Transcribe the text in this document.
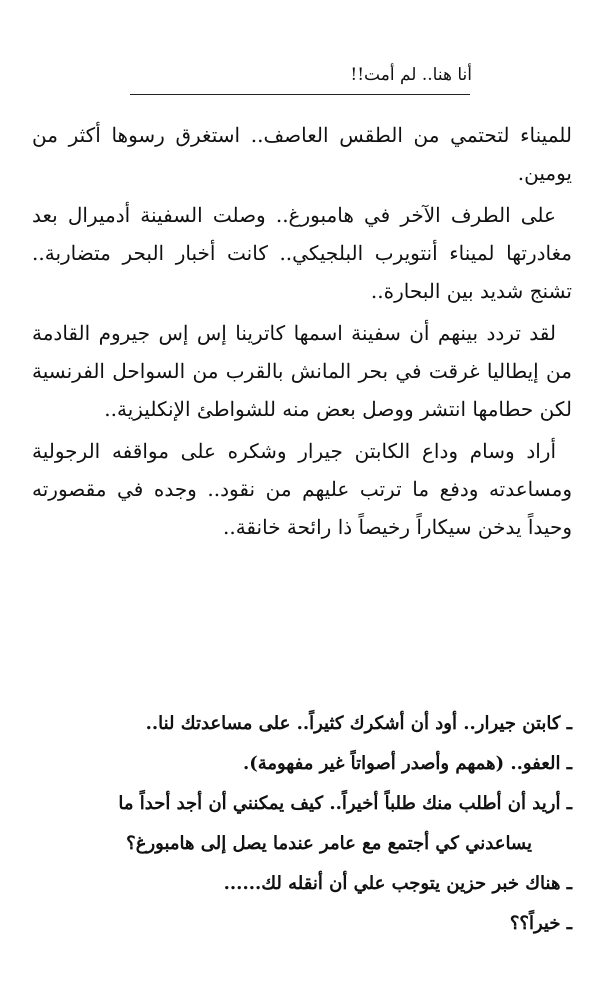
أنا هنا.. لم أمت!!

للميناء لتحتمي من الطقس العاصف.. استغرق رسوها أكثر من يومين.

على الطرف الآخر في هامبورغ.. وصلت السفينة أدميرال بعد مغادرتها لميناء أنتويرب البلجيكي.. كانت أخبار البحر متضاربة.. تشنج شديد بين البحارة..

لقد تردد بينهم أن سفينة اسمها كاترينا إس إس جيروم القادمة من إيطاليا غرقت في بحر المانش بالقرب من السواحل الفرنسية لكن حطامها انتشر ووصل بعض منه للشواطئ الإنكليزية..

أراد وسام وداع الكابتن جيرار وشكره على مواقفه الرجولية ومساعدته ودفع ما ترتب عليهم من نقود.. وجده في مقصورته وحيداً يدخن سيكاراً رخيصاً ذا رائحة خانقة..

ـ كابتن جيرار.. أود أن أشكرك كثيراً.. على مساعدتك لنا..
ـ العفو.. (همهم وأصدر أصواتاً غير مفهومة).
ـ أريد أن أطلب منك طلباً أخيراً.. كيف يمكنني أن أجد أحداً ما
يساعدني كي أجتمع مع عامر عندما يصل إلى هامبورغ؟
ـ هناك خبر حزين يتوجب علي أن أنقله لك......
ـ خيراً؟؟
